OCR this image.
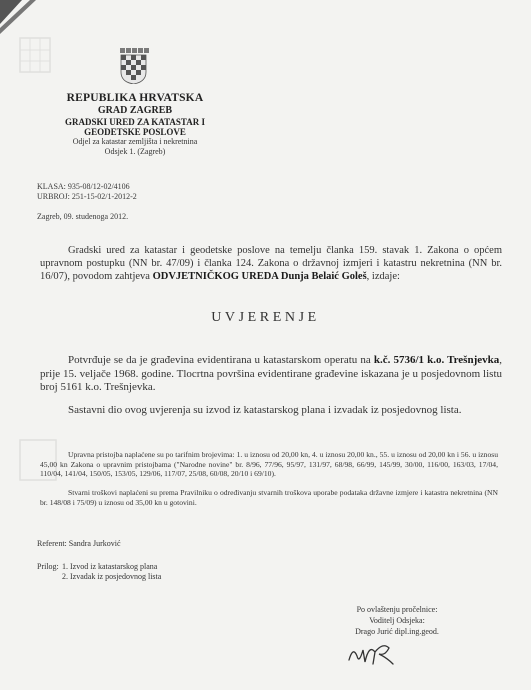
REPUBLIKA HRVATSKA
GRAD ZAGREB
GRADSKI URED ZA KATASTAR I
GEODETSKE POSLOVE
Odjel za katastar zemljišta i nekretnina
Odsjek 1. (Zagreb)
KLASA: 935-08/12-02/4106
URBROJ: 251-15-02/1-2012-2
Zagreb, 09. studenoga 2012.
Gradski ured za katastar i geodetske poslove na temelju članka 159. stavak 1. Zakona o općem upravnom postupku (NN br. 47/09) i članka 124. Zakona o državnoj izmjeri i katastru nekretnina (NN br. 16/07), povodom zahtjeva ODVJETNIČKOG UREDA Dunja Belaić Goleš, izdaje:
UVJERENJE
Potvrđuje se da je građevina evidentirana u katastarskom operatu na k.č. 5736/1 k.o. Trešnjevka, prije 15. veljače 1968. godine. Tlocrtna površina evidentirane građevine iskazana je u posjedovnom listu broj 5161 k.o. Trešnjevka.
Sastavni dio ovog uvjerenja su izvod iz katastarskog plana i izvadak iz posjedovnog lista.
Upravna pristojba naplaćene su po tarifnim brojevima: 1. u iznosu od 20,00 kn, 4. u iznosu 20,00 kn., 55. u iznosu od 20,00 kn i 56. u iznosu 45,00 kn Zakona o upravnim pristojbama ("Narodne novine" br. 8/96, 77/96, 95/97, 131/97, 68/98, 66/99, 145/99, 30/00, 116/00, 163/03, 17/04, 110/04, 141/04, 150/05, 153/05, 129/06, 117/07, 25/08, 60/08, 20/10 i 69/10).
Stvarni troškovi naplaćeni su prema Pravilniku o određivanju stvarnih troškova uporabe podataka državne izmjere i katastra nekretnina (NN br. 148/08 i 75/09) u iznosu od 35,00 kn u gotovini.
Referent: Sandra Jurković
Prilog: 1. Izvod iz katastarskog plana
2. Izvadak iz posjedovnog lista
Po ovlaštenju pročelnice:
Voditelj Odsjeka:
Drago Jurić dipl.ing.geod.
